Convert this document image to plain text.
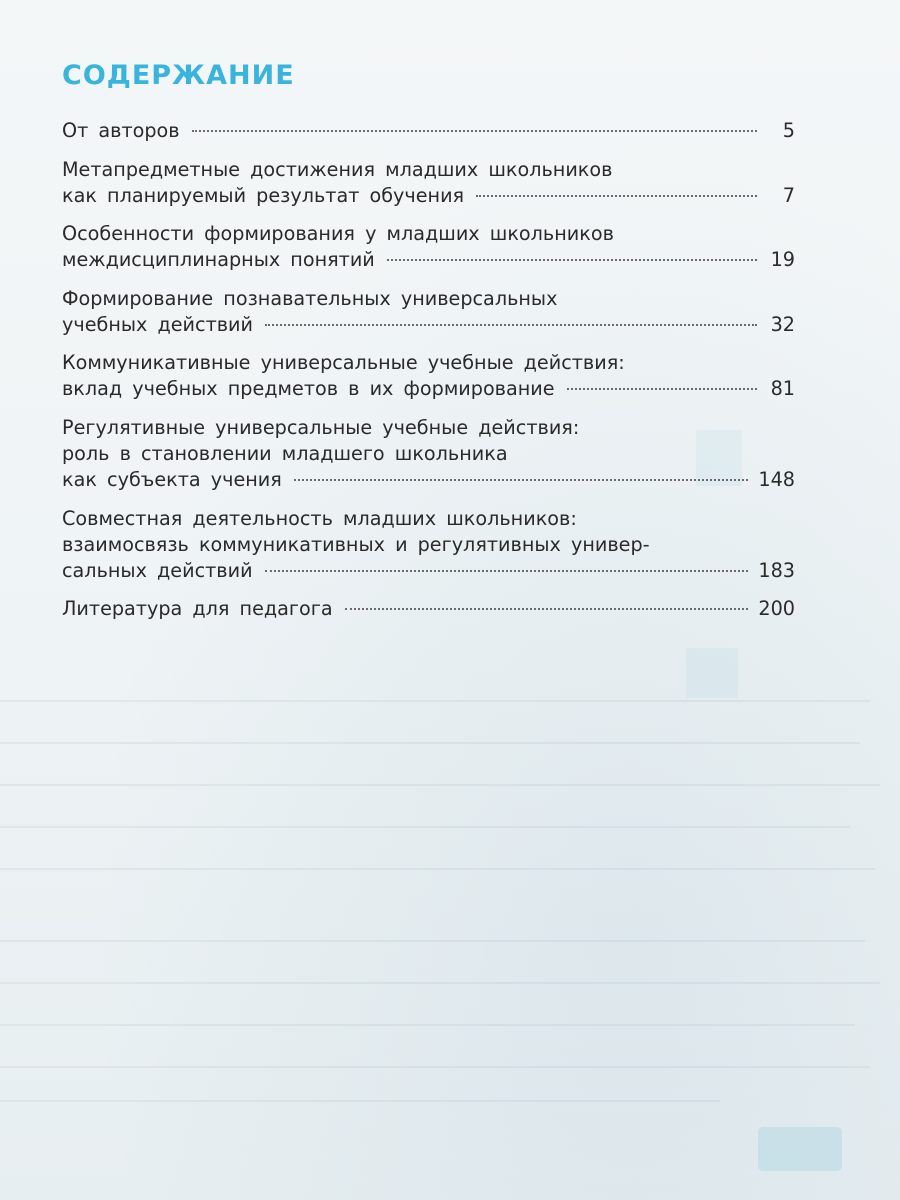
СОДЕРЖАНИЕ
От авторов	5
Метапредметные достижения младших школьников
как планируемый результат обучения	7
Особенности формирования у младших школьников
междисциплинарных понятий	19
Формирование познавательных универсальных
учебных действий	32
Коммуникативные универсальные учебные действия:
вклад учебных предметов в их формирование	81
Регулятивные универсальные учебные действия:
роль в становлении младшего школьника
как субъекта учения	148
Совместная деятельность младших школьников:
взаимосвязь коммуникативных и регулятивных универ-
сальных действий	183
Литература для педагога	200
